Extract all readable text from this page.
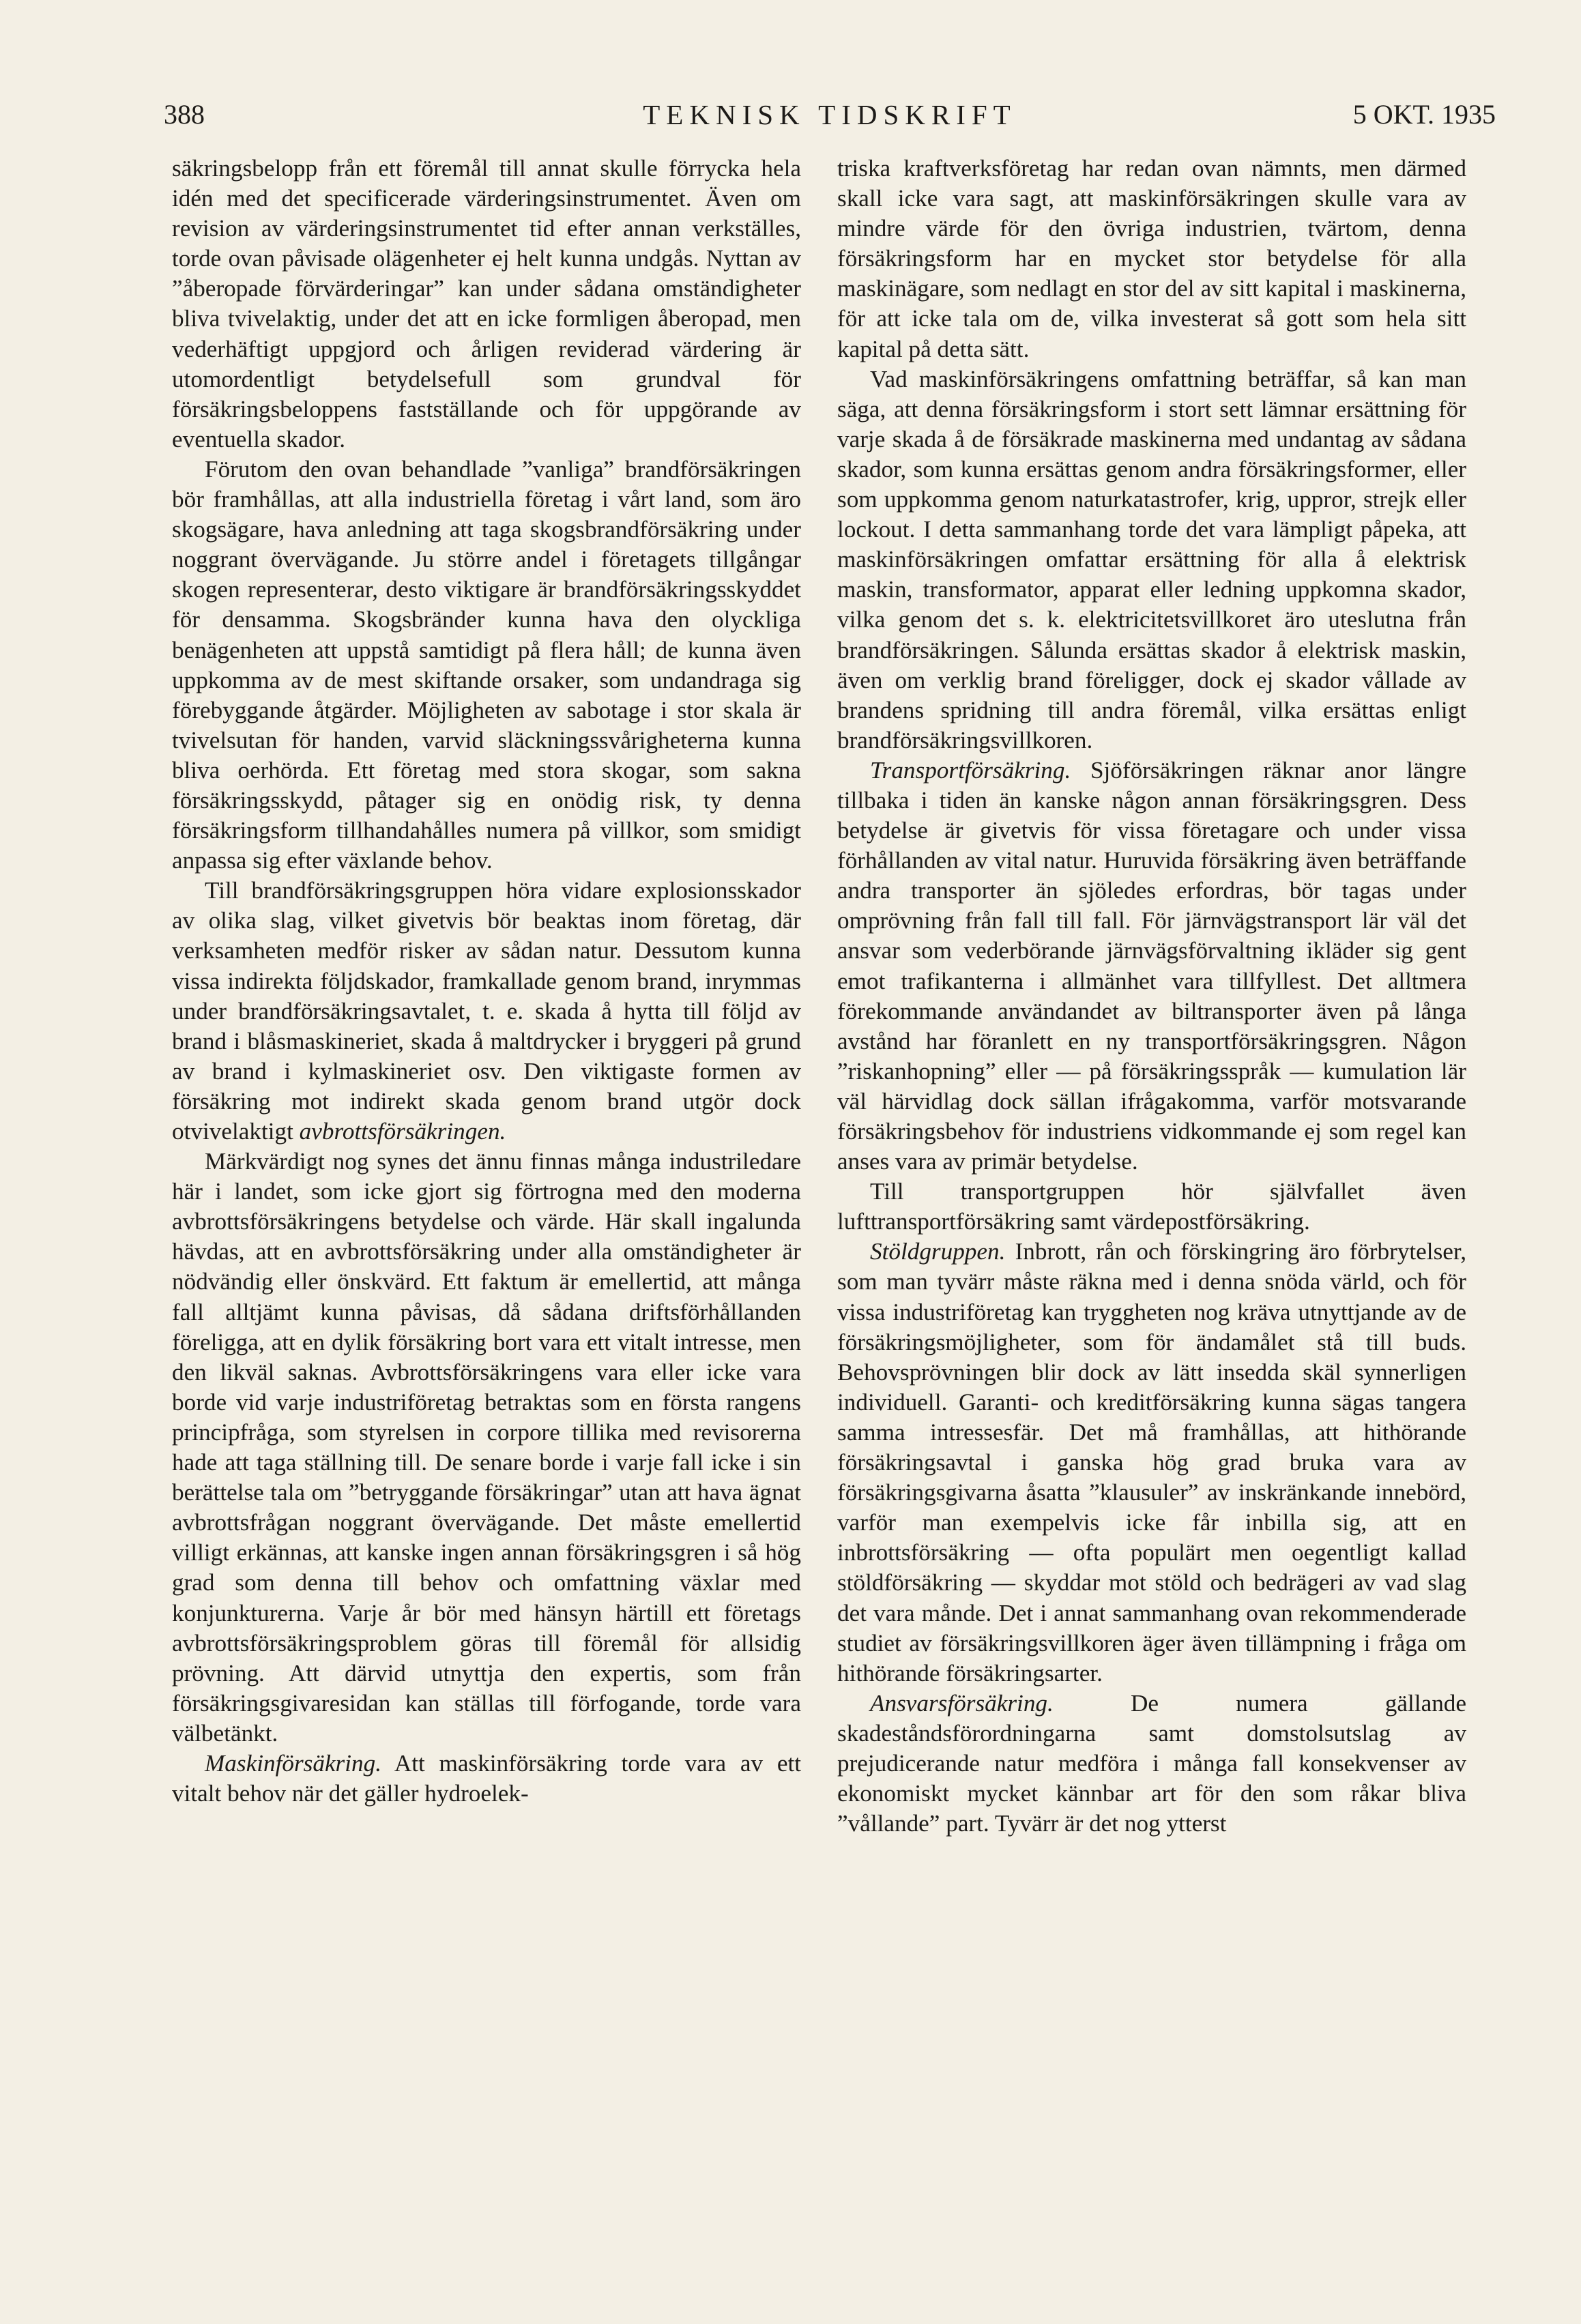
388	TEKNISK TIDSKRIFT	5 OKT. 1935

säkringsbelopp från ett föremål till annat skulle förrycka hela idén med det specificerade värderingsinstrumentet. Även om revision av värderingsinstrumentet tid efter annan verkställes, torde ovan påvisade olägenheter ej helt kunna undgås. Nyttan av ”åberopade förvärderingar” kan under sådana omständigheter bliva tvivelaktig, under det att en icke formligen åberopad, men vederhäftigt uppgjord och årligen reviderad värdering är utomordentligt betydelsefull som grundval för försäkringsbeloppens fastställande och för uppgörande av eventuella skador.

Förutom den ovan behandlade ”vanliga” brandförsäkringen bör framhållas, att alla industriella företag i vårt land, som äro skogsägare, hava anledning att taga skogsbrandförsäkring under noggrant övervägande. Ju större andel i företagets tillgångar skogen representerar, desto viktigare är brandförsäkringsskyddet för densamma. Skogsbränder kunna hava den olyckliga benägenheten att uppstå samtidigt på flera håll; de kunna även uppkomma av de mest skiftande orsaker, som undandraga sig förebyggande åtgärder. Möjligheten av sabotage i stor skala är tvivelsutan för handen, varvid släckningssvårigheterna kunna bliva oerhörda. Ett företag med stora skogar, som sakna försäkringsskydd, påtager sig en onödig risk, ty denna försäkringsform tillhandahålles numera på villkor, som smidigt anpassa sig efter växlande behov.

Till brandförsäkringsgruppen höra vidare explosionsskador av olika slag, vilket givetvis bör beaktas inom företag, där verksamheten medför risker av sådan natur. Dessutom kunna vissa indirekta följdskador, framkallade genom brand, inrymmas under brandförsäkringsavtalet, t. e. skada å hytta till följd av brand i blåsmaskineriet, skada å maltdrycker i bryggeri på grund av brand i kylmaskineriet osv. Den viktigaste formen av försäkring mot indirekt skada genom brand utgör dock otvivelaktigt avbrottsförsäkringen.

Märkvärdigt nog synes det ännu finnas många industriledare här i landet, som icke gjort sig förtrogna med den moderna avbrottsförsäkringens betydelse och värde. Här skall ingalunda hävdas, att en avbrottsförsäkring under alla omständigheter är nödvändig eller önskvärd. Ett faktum är emellertid, att många fall alltjämt kunna påvisas, då sådana driftsförhållanden föreligga, att en dylik försäkring bort vara ett vitalt intresse, men den likväl saknas. Avbrottsförsäkringens vara eller icke vara borde vid varje industriföretag betraktas som en första rangens principfråga, som styrelsen in corpore tillika med revisorerna hade att taga ställning till. De senare borde i varje fall icke i sin berättelse tala om ”betryggande försäkringar” utan att hava ägnat avbrottsfrågan noggrant övervägande. Det måste emellertid villigt erkännas, att kanske ingen annan försäkringsgren i så hög grad som denna till behov och omfattning växlar med konjunkturerna. Varje år bör med hänsyn härtill ett företags avbrottsförsäkringsproblem göras till föremål för allsidig prövning. Att därvid utnyttja den expertis, som från försäkringsgivaresidan kan ställas till förfogande, torde vara välbetänkt.

Maskinförsäkring. Att maskinförsäkring torde vara av ett vitalt behov när det gäller hydroelek-

triska kraftverksföretag har redan ovan nämnts, men därmed skall icke vara sagt, att maskinförsäkringen skulle vara av mindre värde för den övriga industrien, tvärtom, denna försäkringsform har en mycket stor betydelse för alla maskinägare, som nedlagt en stor del av sitt kapital i maskinerna, för att icke tala om de, vilka investerat så gott som hela sitt kapital på detta sätt.

Vad maskinförsäkringens omfattning beträffar, så kan man säga, att denna försäkringsform i stort sett lämnar ersättning för varje skada å de försäkrade maskinerna med undantag av sådana skador, som kunna ersättas genom andra försäkringsformer, eller som uppkomma genom naturkatastrofer, krig, uppror, strejk eller lockout. I detta sammanhang torde det vara lämpligt påpeka, att maskinförsäkringen omfattar ersättning för alla å elektrisk maskin, transformator, apparat eller ledning uppkomna skador, vilka genom det s. k. elektricitetsvillkoret äro uteslutna från brandförsäkringen. Sålunda ersättas skador å elektrisk maskin, även om verklig brand föreligger, dock ej skador vållade av brandens spridning till andra föremål, vilka ersättas enligt brandförsäkringsvillkoren.

Transportförsäkring. Sjöförsäkringen räknar anor längre tillbaka i tiden än kanske någon annan försäkringsgren. Dess betydelse är givetvis för vissa företagare och under vissa förhållanden av vital natur. Huruvida försäkring även beträffande andra transporter än sjöledes erfordras, bör tagas under omprövning från fall till fall. För järnvägstransport lär väl det ansvar som vederbörande järnvägsförvaltning ikläder sig gent emot trafikanterna i allmänhet vara tillfyllest. Det alltmera förekommande användandet av biltransporter även på långa avstånd har föranlett en ny transportförsäkringsgren. Någon ”riskanhopning” eller — på försäkringsspråk — kumulation lär väl härvidlag dock sällan ifrågakomma, varför motsvarande försäkringsbehov för industriens vidkommande ej som regel kan anses vara av primär betydelse.

Till transportgruppen hör självfallet även lufttransportförsäkring samt värdepostförsäkring.

Stöldgruppen. Inbrott, rån och förskingring äro förbrytelser, som man tyvärr måste räkna med i denna snöda värld, och för vissa industriföretag kan tryggheten nog kräva utnyttjande av de försäkringsmöjligheter, som för ändamålet stå till buds. Behovsprövningen blir dock av lätt insedda skäl synnerligen individuell. Garanti- och kreditförsäkring kunna sägas tangera samma intressesfär. Det må framhållas, att hithörande försäkringsavtal i ganska hög grad bruka vara av försäkringsgivarna åsatta ”klausuler” av inskränkande innebörd, varför man exempelvis icke får inbilla sig, att en inbrottsförsäkring — ofta populärt men oegentligt kallad stöldförsäkring — skyddar mot stöld och bedrägeri av vad slag det vara månde. Det i annat sammanhang ovan rekommenderade studiet av försäkringsvillkoren äger även tillämpning i fråga om hithörande försäkringsarter.

Ansvarsförsäkring. De numera gällande skadeståndsförordningarna samt domstolsutslag av prejudicerande natur medföra i många fall konsekvenser av ekonomiskt mycket kännbar art för den som råkar bliva ”vållande” part. Tyvärr är det nog ytterst
